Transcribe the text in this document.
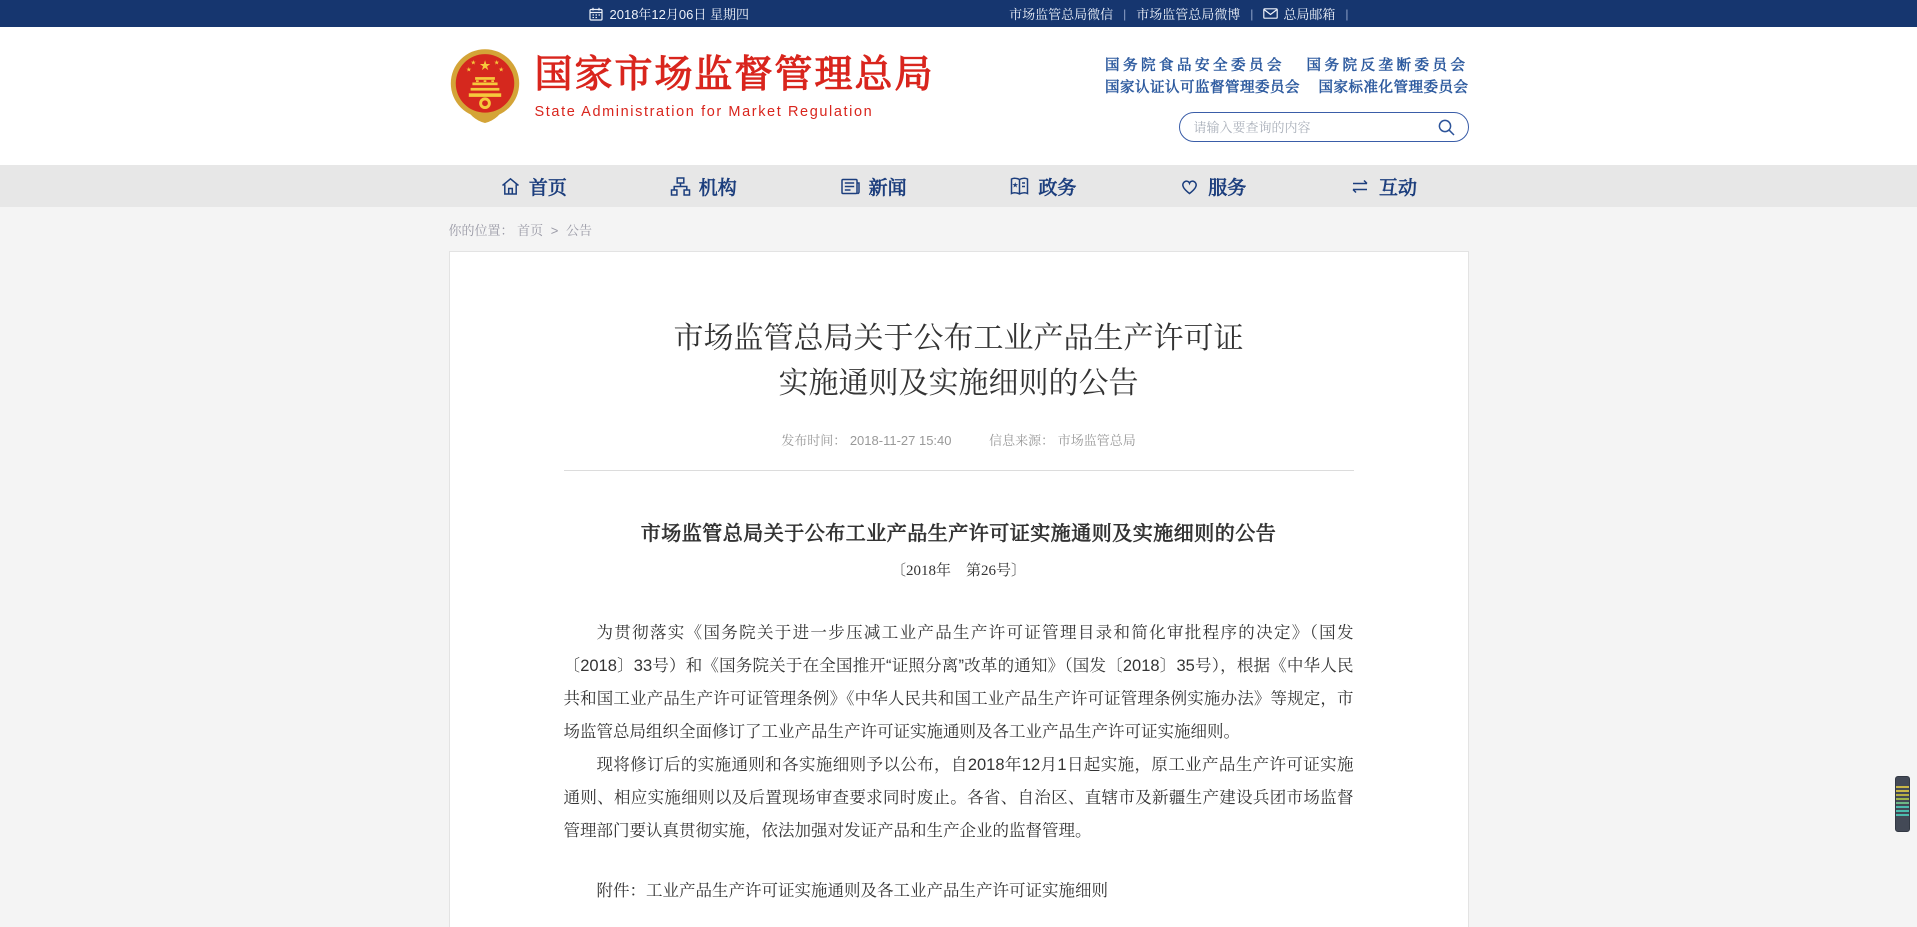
2018年12月06日 星期四	市场监管总局微信 | 市场监管总局微博 | 总局邮箱 |
★
★	★
★	★ 国家市场监督管理总局
State Administration for Market Regulation
国务院食品安全委员会 国务院反垄断委员会
国家认证认可监督管理委员会 国家标准化管理委员会
请输入要查询的内容
首页	机构	新闻	★ 政务	服务	互动
你的位置： 首页 > 公告
市场监管总局关于公布工业产品生产许可证
实施通则及实施细则的公告
发布时间： 2018-11-27 15:40	信息来源： 市场监管总局
市场监管总局关于公布工业产品生产许可证实施通则及实施细则的公告
〔2018年　第26号〕

为贯彻落实《国务院关于进一步压减工业产品生产许可证管理目录和简化审批程序的决定》（国发〔2018〕33号）和《国务院关于在全国推开“证照分离”改革的通知》（国发〔2018〕35号），根据《中华人民共和国工业产品生产许可证管理条例》《中华人民共和国工业产品生产许可证管理条例实施办法》等规定，市场监管总局组织全面修订了工业产品生产许可证实施通则及各工业产品生产许可证实施细则。

现将修订后的实施通则和各实施细则予以公布，自2018年12月1日起实施，原工业产品生产许可证实施通则、相应实施细则以及后置现场审查要求同时废止。各省、自治区、直辖市及新疆生产建设兵团市场监督管理部门要认真贯彻实施，依法加强对发证产品和生产企业的监督管理。

附件：工业产品生产许可证实施通则及各工业产品生产许可证实施细则
